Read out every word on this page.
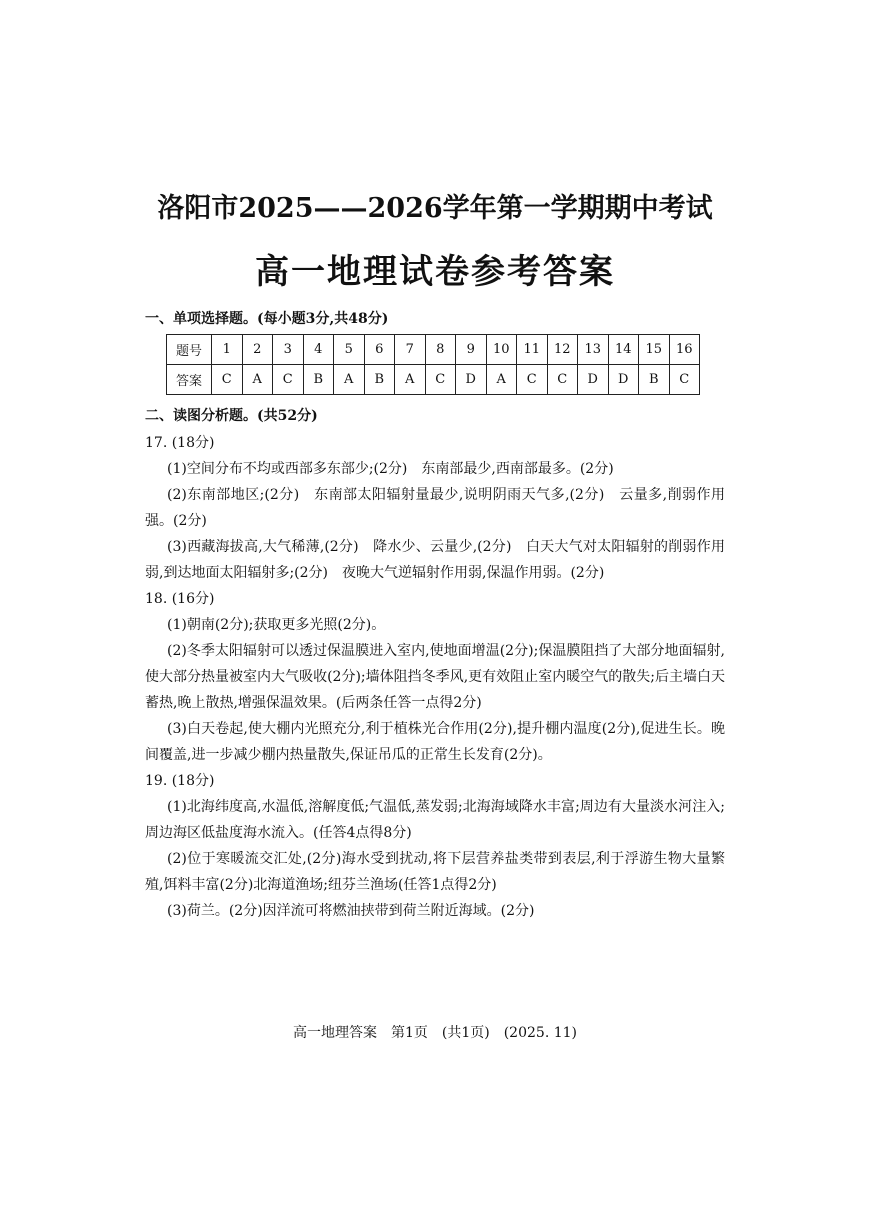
洛阳市2025——2026学年第一学期期中考试
高一地理试卷参考答案
一、单项选择题。(每小题3分,共48分)
题号	1	2	3	4	5	6	7	8	9	10	11	12	13	14	15	16
答案	C	A	C	B	A	B	A	C	D	A	C	C	D	D	B	C
二、读图分析题。(共52分)

17. (18分)

(1)空间分布不均或西部多东部少;(2分)　东南部最少,西南部最多。(2分)

(2)东南部地区;(2分)　东南部太阳辐射量最少,说明阴雨天气多,(2分)　云量多,削弱作用强。(2分)

(3)西藏海拔高,大气稀薄,(2分)　降水少、云量少,(2分)　白天大气对太阳辐射的削弱作用弱,到达地面太阳辐射多;(2分)　夜晚大气逆辐射作用弱,保温作用弱。(2分)

18. (16分)

(1)朝南(2分);获取更多光照(2分)。

(2)冬季太阳辐射可以透过保温膜进入室内,使地面增温(2分);保温膜阻挡了大部分地面辐射,使大部分热量被室内大气吸收(2分);墙体阻挡冬季风,更有效阻止室内暖空气的散失;后主墙白天蓄热,晚上散热,增强保温效果。(后两条任答一点得2分)

(3)白天卷起,使大棚内光照充分,利于植株光合作用(2分),提升棚内温度(2分),促进生长。晚间覆盖,进一步减少棚内热量散失,保证吊瓜的正常生长发育(2分)。

19. (18分)

(1)北海纬度高,水温低,溶解度低;气温低,蒸发弱;北海海域降水丰富;周边有大量淡水河注入;周边海区低盐度海水流入。(任答4点得8分)

(2)位于寒暖流交汇处,(2分)海水受到扰动,将下层营养盐类带到表层,利于浮游生物大量繁殖,饵料丰富(2分)北海道渔场;纽芬兰渔场(任答1点得2分)

(3)荷兰。(2分)因洋流可将燃油挟带到荷兰附近海域。(2分)

高一地理答案　第1页　(共1页)　(2025. 11)
